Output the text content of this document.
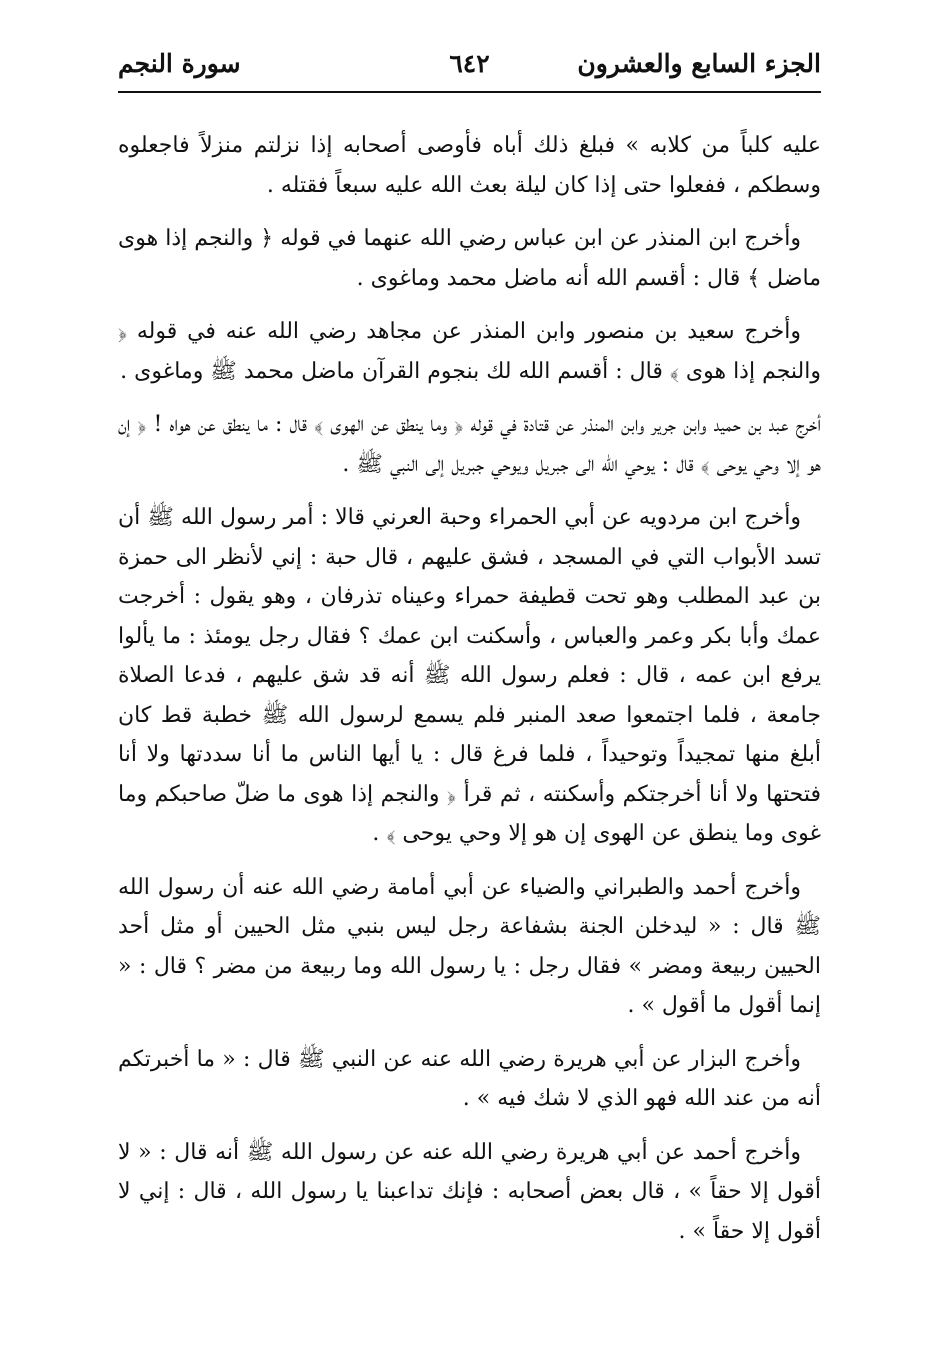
الجزء السابع والعشرون
٦٤٢
سورة النجم

عليه كلباً من كلابه » فبلغ ذلك أباه فأوصى أصحابه إذا نزلتم منزلاً فاجعلوه وسطكم ، ففعلوا حتى إذا كان ليلة بعث الله عليه سبعاً فقتله .

وأخرج ابن المنذر عن ابن عباس رضي الله عنهما في قوله ﴿ والنجم إذا هوى ماضل ﴾ قال : أقسم الله أنه ماضل محمد وماغوى .

وأخرج سعيد بن منصور وابن المنذر عن مجاهد رضي الله عنه في قوله ﴿ والنجم إذا هوى ﴾ قال : أقسم الله لك بنجوم القرآن ماضل محمد ﷺ وماغوى .

أخرج عبد بن حميد وابن جرير وابن المنذر عن قتادة في قوله ﴿ وما ينطق عن الهوى ﴾ قال : ما ينطق عن هواه ! ﴿ إن هو إلا وحي يوحى ﴾ قال : يوحي الله الى جبريل ويوحي جبريل إلى النبي ﷺ .

وأخرج ابن مردويه عن أبي الحمراء وحبة العرني قالا : أمر رسول الله ﷺ أن تسد الأبواب التي في المسجد ، فشق عليهم ، قال حبة : إني لأنظر الى حمزة بن عبد المطلب وهو تحت قطيفة حمراء وعيناه تذرفان ، وهو يقول : أخرجت عمك وأبا بكر وعمر والعباس ، وأسكنت ابن عمك ؟ فقال رجل يومئذ : ما يألوا يرفع ابن عمه ، قال : فعلم رسول الله ﷺ أنه قد شق عليهم ، فدعا الصلاة جامعة ، فلما اجتمعوا صعد المنبر فلم يسمع لرسول الله ﷺ خطبة قط كان أبلغ منها تمجيداً وتوحيداً ، فلما فرغ قال : يا أيها الناس ما أنا سددتها ولا أنا فتحتها ولا أنا أخرجتكم وأسكنته ، ثم قرأ ﴿ والنجم إذا هوى ما ضلّ صاحبكم وما غوى وما ينطق عن الهوى إن هو إلا وحي يوحى ﴾ .

وأخرج أحمد والطبراني والضياء عن أبي أمامة رضي الله عنه أن رسول الله ﷺ قال : « ليدخلن الجنة بشفاعة رجل ليس بنبي مثل الحيين أو مثل أحد الحيين ربيعة ومضر » فقال رجل : يا رسول الله وما ربيعة من مضر ؟ قال : « إنما أقول ما أقول » .

وأخرج البزار عن أبي هريرة رضي الله عنه عن النبي ﷺ قال : « ما أخبرتكم أنه من عند الله فهو الذي لا شك فيه » .

وأخرج أحمد عن أبي هريرة رضي الله عنه عن رسول الله ﷺ أنه قال : « لا أقول إلا حقاً » ، قال بعض أصحابه : فإنك تداعبنا يا رسول الله ، قال : إني لا أقول إلا حقاً » .
